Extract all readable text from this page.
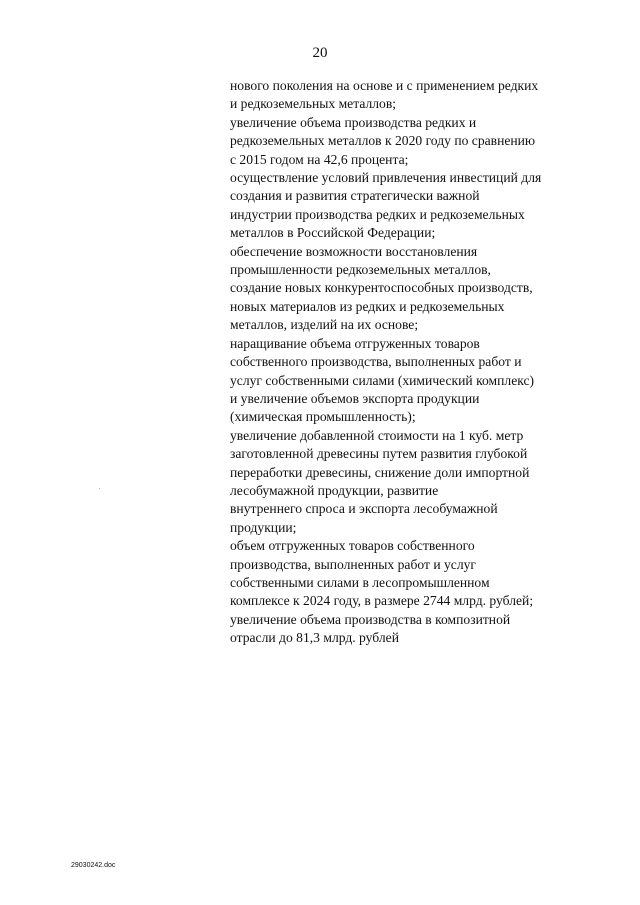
20
нового поколения на основе и с применением редких
и редкоземельных металлов;
увеличение объема производства редких и
редкоземельных металлов к 2020 году по сравнению
с 2015 годом на 42,6 процента;
осуществление условий привлечения инвестиций для
создания и развития стратегически важной
индустрии производства редких и редкоземельных
металлов в Российской Федерации;
обеспечение возможности восстановления
промышленности редкоземельных металлов,
создание новых конкурентоспособных производств,
новых материалов из редких и редкоземельных
металлов, изделий на их основе;
наращивание объема отгруженных товаров
собственного производства, выполненных работ и
услуг собственными силами (химический комплекс)
и увеличение объемов экспорта продукции
(химическая промышленность);
увеличение добавленной стоимости на 1 куб. метр
заготовленной древесины путем развития глубокой
переработки древесины, снижение доли импортной
лесобумажной продукции, развитие
внутреннего спроса и экспорта лесобумажной
продукции;
объем отгруженных товаров собственного
производства, выполненных работ и услуг
собственными силами в лесопромышленном
комплексе к 2024 году, в размере 2744 млрд. рублей;
увеличение объема производства в композитной
отрасли до 81,3 млрд. рублей
29030242.doc
